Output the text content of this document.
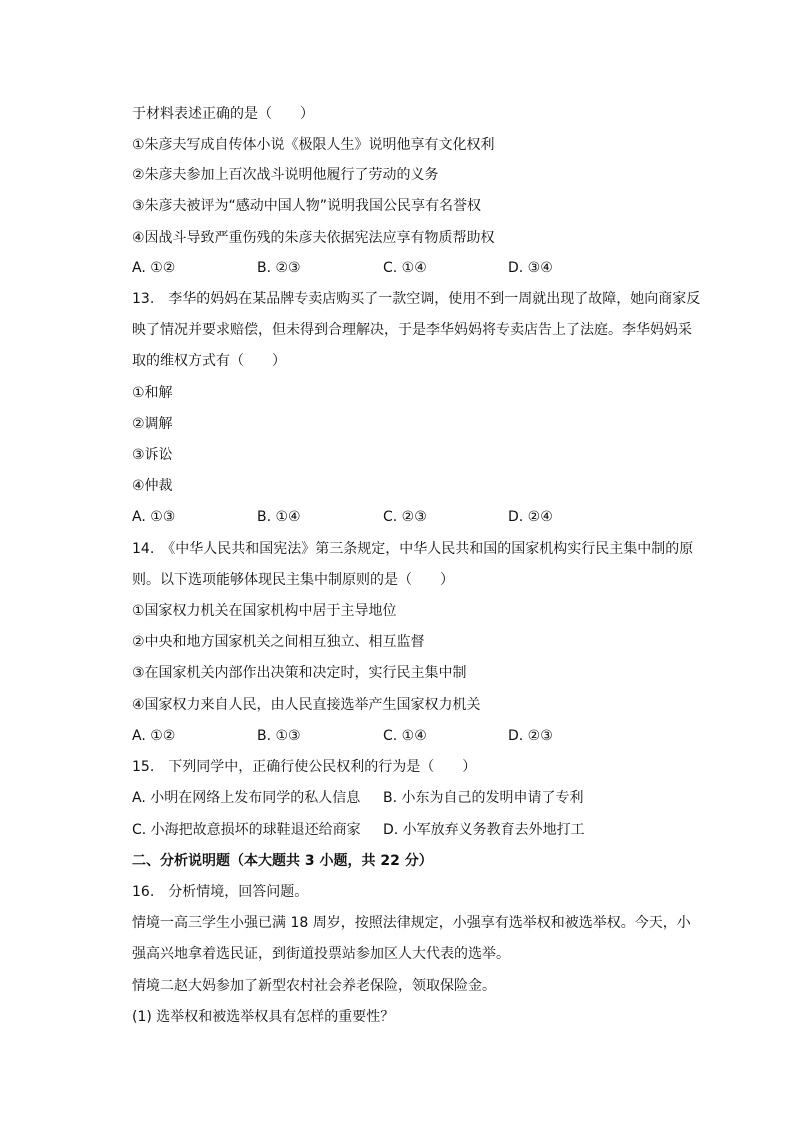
于材料表述正确的是（　　）
①朱彦夫写成自传体小说《极限人生》说明他享有文化权利
②朱彦夫参加上百次战斗说明他履行了劳动的义务
③朱彦夫被评为“感动中国人物”说明我国公民享有名誉权
④因战斗导致严重伤残的朱彦夫依据宪法应享有物质帮助权
A. ①②	B. ②③	C. ①④	D. ③④
13.　李华的妈妈在某品牌专卖店购买了一款空调，使用不到一周就出现了故障，她向商家反
映了情况并要求赔偿，但未得到合理解决，于是李华妈妈将专卖店告上了法庭。李华妈妈采
取的维权方式有（　　）
①和解
②调解
③诉讼
④仲裁
A. ①③	B. ①④	C. ②③	D. ②④
14.　《中华人民共和国宪法》第三条规定，中华人民共和国的国家机构实行民主集中制的原
则。以下选项能够体现民主集中制原则的是（　　）
①国家权力机关在国家机构中居于主导地位
②中央和地方国家机关之间相互独立、相互监督
③在国家机关内部作出决策和决定时，实行民主集中制
④国家权力来自人民，由人民直接选举产生国家权力机关
A. ①②	B. ①③	C. ①④	D. ②③
15.　下列同学中，正确行使公民权利的行为是（　　）
A. 小明在网络上发布同学的私人信息 B. 小东为自己的发明申请了专利
C. 小海把故意损坏的球鞋退还给商家 D. 小军放弃义务教育去外地打工
二、分析说明题（本大题共 3 小题，共 22 分）
16.　分析情境，回答问题。
情境一高三学生小强已满 18 周岁，按照法律规定，小强享有选举权和被选举权。今天，小
强高兴地拿着选民证，到街道投票站参加区人大代表的选举。
情境二赵大妈参加了新型农村社会养老保险，领取保险金。
(1) 选举权和被选举权具有怎样的重要性？
